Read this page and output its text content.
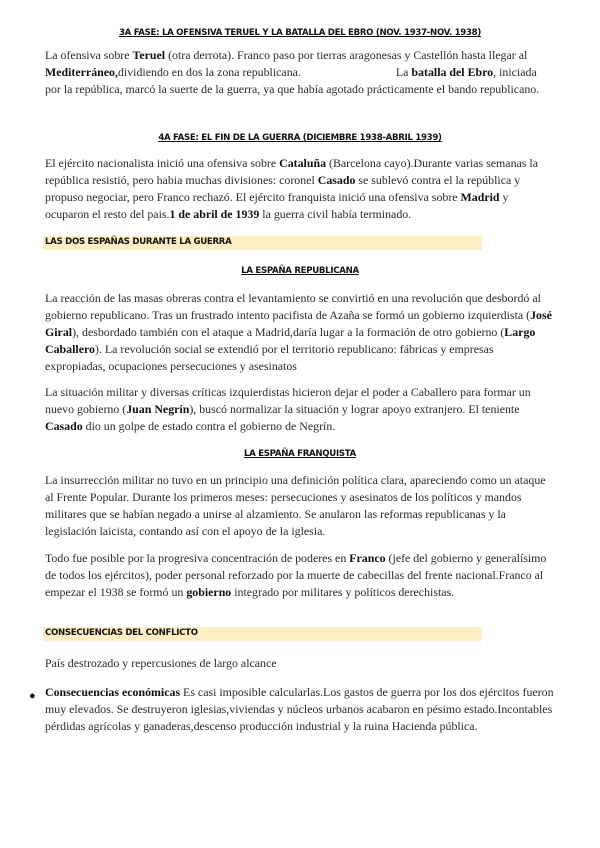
3A FASE: LA OFENSIVA TERUEL Y LA BATALLA DEL EBRO (NOV. 1937-NOV. 1938)

La ofensiva sobre Teruel (otra derrota). Franco paso por tierras aragonesas y Castellón hasta llegar al Mediterráneo,dividiendo en dos la zona republicana.	La batalla del Ebro, iniciada por la república, marcó la suerte de la guerra, ya que había agotado prácticamente el bando republicano.

4A FASE: EL FIN DE LA GUERRA (DICIEMBRE 1938-ABRIL 1939)

El ejército nacionalista inició una ofensiva sobre Cataluña (Barcelona cayo).Durante varias semanas la república resistió, pero habia muchas divisiones: coronel Casado se sublevó contra el la república y propuso negociar, pero Franco rechazó. El ejército franquista inició una ofensiva sobre Madrid y ocuparon el resto del pais.1 de abril de 1939 la guerra civil había terminado.

LAS DOS ESPAÑAS DURANTE LA GUERRA
LA ESPAÑA REPUBLICANA

La reacción de las masas obreras contra el levantamiento se convirtió en una revolución que desbordó al gobierno republicano. Tras un frustrado intento pacifista de Azaña se formó un gobierno izquierdista (José Giral), desbordado también con el ataque a Madrid,daría lugar a la formación de otro gobierno (Largo Caballero). La revolución social se extendió por el territorio republicano: fábricas y empresas expropiadas, ocupaciones persecuciones y asesinatos

La situación militar y diversas críticas izquierdistas hicieron dejar el poder a Caballero para formar un nuevo gobierno (Juan Negrín), buscó normalizar la situación y lograr apoyo extranjero. El teniente Casado dio un golpe de estado contra el gobierno de Negrín.

LA ESPAÑA FRANQUISTA

La insurrección militar no tuvo en un principio una definición política clara, apareciendo como un ataque al Frente Popular. Durante los primeros meses: persecuciones y asesinatos de los políticos y mandos militares que se habían negado a unirse al alzamiento. Se anularon las reformas republicanas y la legislación laicista, contando así con el apoyo de la iglesia.

Todo fue posible por la progresiva concentración de poderes en Franco (jefe del gobierno y generalísimo de todos los ejércitos), poder personal reforzado por la muerte de cabecillas del frente nacional.Franco al empezar el 1938 se formó un gobierno integrado por militares y políticos derechistas.

CONSECUENCIAS DEL CONFLICTO

País destrozado y repercusiones de largo alcance

● Consecuencias económicas Es casi imposible calcularlas.Los gastos de guerra por los dos ejércitos fueron muy elevados. Se destruyeron iglesias,viviendas y núcleos urbanos acabaron en pésimo estado.Incontables pérdidas agrícolas y ganaderas,descenso producción industrial y la ruina Hacienda pública.
